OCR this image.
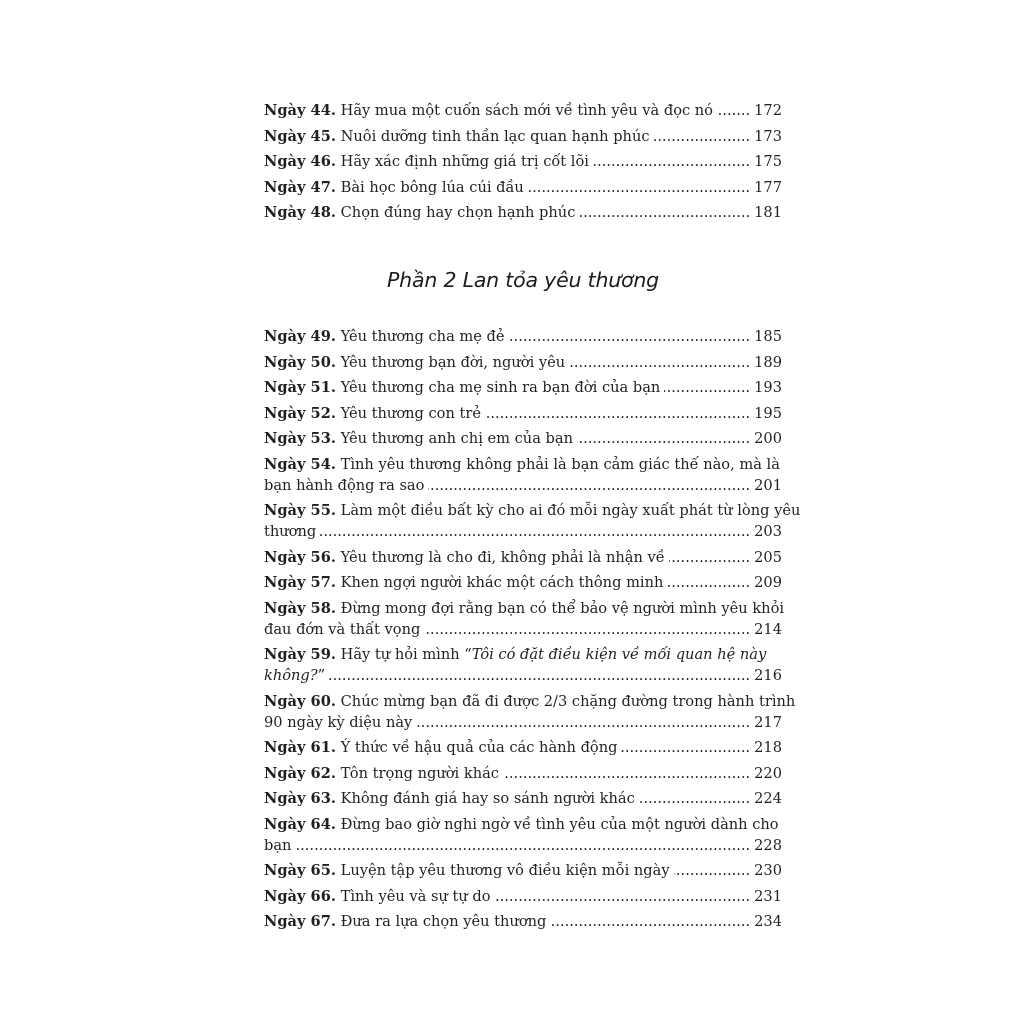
Ngày 44. Hãy mua một cuốn sách mới về tình yêu và đọc nó .....	172
Ngày 45. Nuôi dưỡng tinh thần lạc quan hạnh phúc .....	173
Ngày 46. Hãy xác định những giá trị cốt lõi .....	175
Ngày 47. Bài học bông lúa cúi đầu .....	177
Ngày 48. Chọn đúng hay chọn hạnh phúc .....	181
Phần 2 Lan tỏa yêu thương
Ngày 49. Yêu thương cha mẹ đẻ .....	185
Ngày 50. Yêu thương bạn đời, người yêu .....	189
Ngày 51. Yêu thương cha mẹ sinh ra bạn đời của bạn .....	193
Ngày 52. Yêu thương con trẻ .....	195
Ngày 53. Yêu thương anh chị em của bạn .....	200
Ngày 54. Tình yêu thương không phải là bạn cảm giác thế nào, mà là
bạn hành động ra sao .....	201
Ngày 55. Làm một điều bất kỳ cho ai đó mỗi ngày xuất phát từ lòng yêu
thương .....	203
Ngày 56. Yêu thương là cho đi, không phải là nhận về .....	205
Ngày 57. Khen ngợi người khác một cách thông minh .....	209
Ngày 58. Đừng mong đợi rằng bạn có thể bảo vệ người mình yêu khỏi
đau đớn và thất vọng .....	214
Ngày 59. Hãy tự hỏi mình “Tôi có đặt điều kiện về mối quan hệ này
không?” .....	216
Ngày 60. Chúc mừng bạn đã đi được 2/3 chặng đường trong hành trình
90 ngày kỳ diệu này .....	217
Ngày 61. Ý thức về hậu quả của các hành động .....	218
Ngày 62. Tôn trọng người khác .....	220
Ngày 63. Không đánh giá hay so sánh người khác .....	224
Ngày 64. Đừng bao giờ nghi ngờ về tình yêu của một người dành cho
bạn .....	228
Ngày 65. Luyện tập yêu thương vô điều kiện mỗi ngày .....	230
Ngày 66. Tình yêu và sự tự do .....	231
Ngày 67. Đưa ra lựa chọn yêu thương .....	234
